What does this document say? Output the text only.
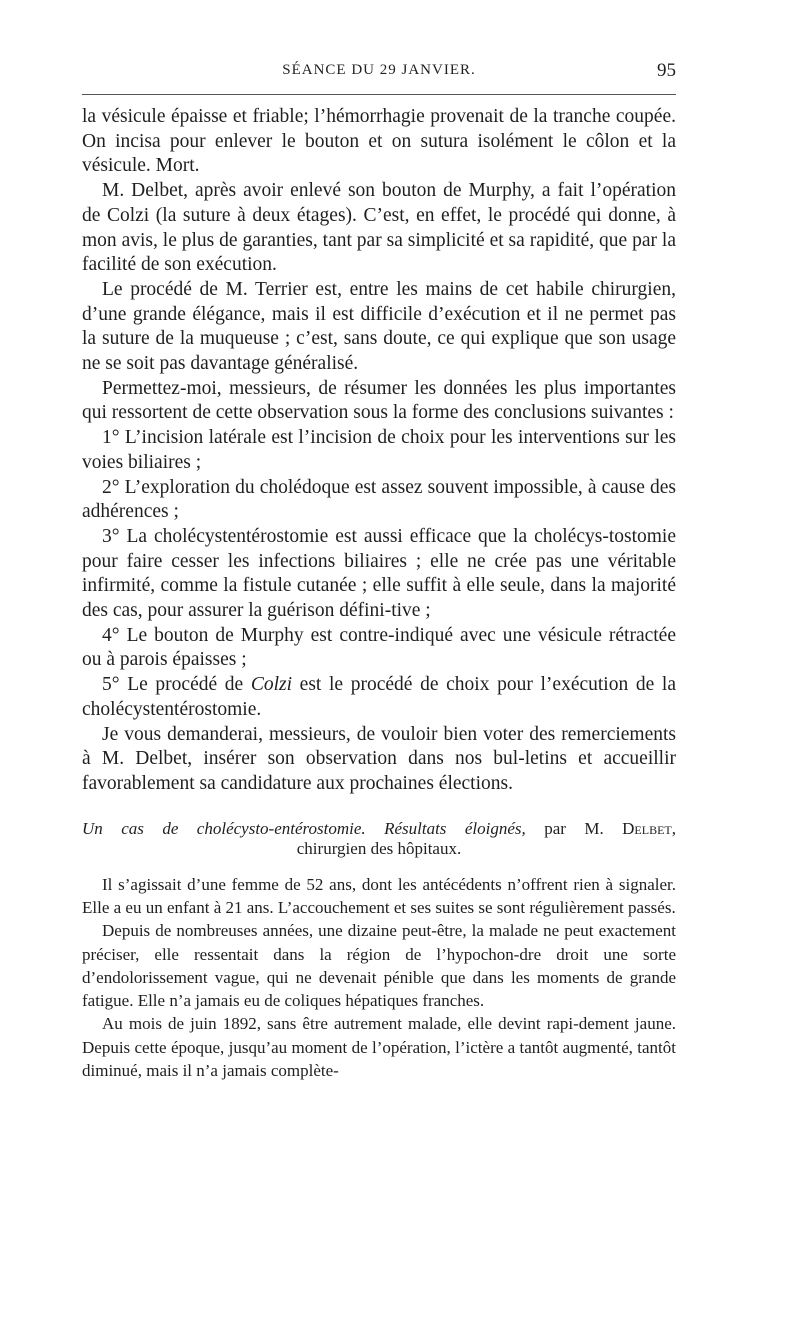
SÉANCE DU 29 JANVIER.	95

la vésicule épaisse et friable; l’hémorrhagie provenait de la tranche coupée. On incisa pour enlever le bouton et on sutura isolément le côlon et la vésicule. Mort.

M. Delbet, après avoir enlevé son bouton de Murphy, a fait l’opération de Colzi (la suture à deux étages). C’est, en effet, le procédé qui donne, à mon avis, le plus de garanties, tant par sa simplicité et sa rapidité, que par la facilité de son exécution.

Le procédé de M. Terrier est, entre les mains de cet habile chirurgien, d’une grande élégance, mais il est difficile d’exécution et il ne permet pas la suture de la muqueuse ; c’est, sans doute, ce qui explique que son usage ne se soit pas davantage généralisé.

Permettez-moi, messieurs, de résumer les données les plus importantes qui ressortent de cette observation sous la forme des conclusions suivantes :

1° L’incision latérale est l’incision de choix pour les interventions sur les voies biliaires ;

2° L’exploration du cholédoque est assez souvent impossible, à cause des adhérences ;

3° La cholécystentérostomie est aussi efficace que la cholécys-tostomie pour faire cesser les infections biliaires ; elle ne crée pas une véritable infirmité, comme la fistule cutanée ; elle suffit à elle seule, dans la majorité des cas, pour assurer la guérison défini-tive ;

4° Le bouton de Murphy est contre-indiqué avec une vésicule rétractée ou à parois épaisses ;

5° Le procédé de Colzi est le procédé de choix pour l’exécution de la cholécystentérostomie.

Je vous demanderai, messieurs, de vouloir bien voter des remerciements à M. Delbet, insérer son observation dans nos bul-letins et accueillir favorablement sa candidature aux prochaines élections.

Un cas de cholécysto-entérostomie. Résultats éloignés, par M. Delbet,
chirurgien des hôpitaux.

Il s’agissait d’une femme de 52 ans, dont les antécédents n’offrent rien à signaler. Elle a eu un enfant à 21 ans. L’accouchement et ses suites se sont régulièrement passés.

Depuis de nombreuses années, une dizaine peut-être, la malade ne peut exactement préciser, elle ressentait dans la région de l’hypochon-dre droit une sorte d’endolorissement vague, qui ne devenait pénible que dans les moments de grande fatigue. Elle n’a jamais eu de coliques hépatiques franches.

Au mois de juin 1892, sans être autrement malade, elle devint rapi-dement jaune. Depuis cette époque, jusqu’au moment de l’opération, l’ictère a tantôt augmenté, tantôt diminué, mais il n’a jamais complète-
